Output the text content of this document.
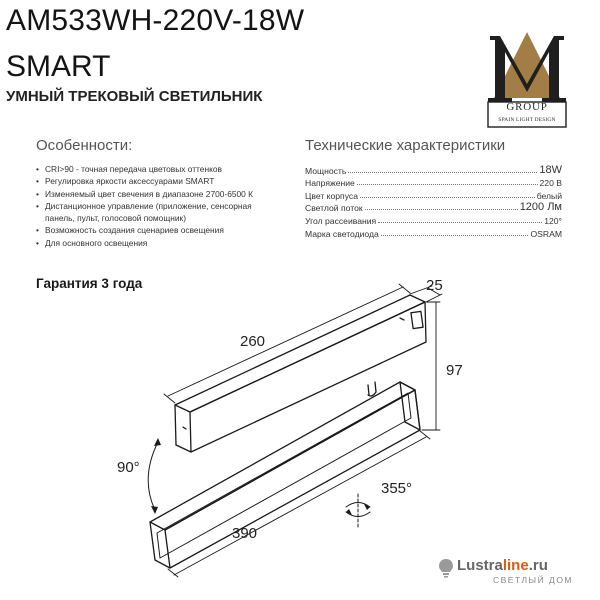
AM533WH-220V-18W
SMART
УМНЫЙ ТРЕКОВЫЙ СВЕТИЛЬНИК
GROUP
SPAIN LIGHT DESIGN
Особенности:
• CRI>90 - точная передача цветовых оттенков
• Регулировка яркости аксессуарами SMART
• Изменяемый цвет свечения в диапазоне 2700-6500 К
• Дистанционное управление (приложение, сенсорная
панель, пульт, голосовой помощник)
• Возможность создания сценариев освещения
• Для основного освещения
Технические характеристики
Мощность	18W
Напряжение	220 В
Цвет корпуса	белый
Светлой поток	1200 Лм
Угол рассеивания	120°
Марка светодиода	OSRAM
Гарантия 3 года	25
260
97
90°
355°
390
Lustraline.ru
СВЕТЛЫЙ ДОМ
